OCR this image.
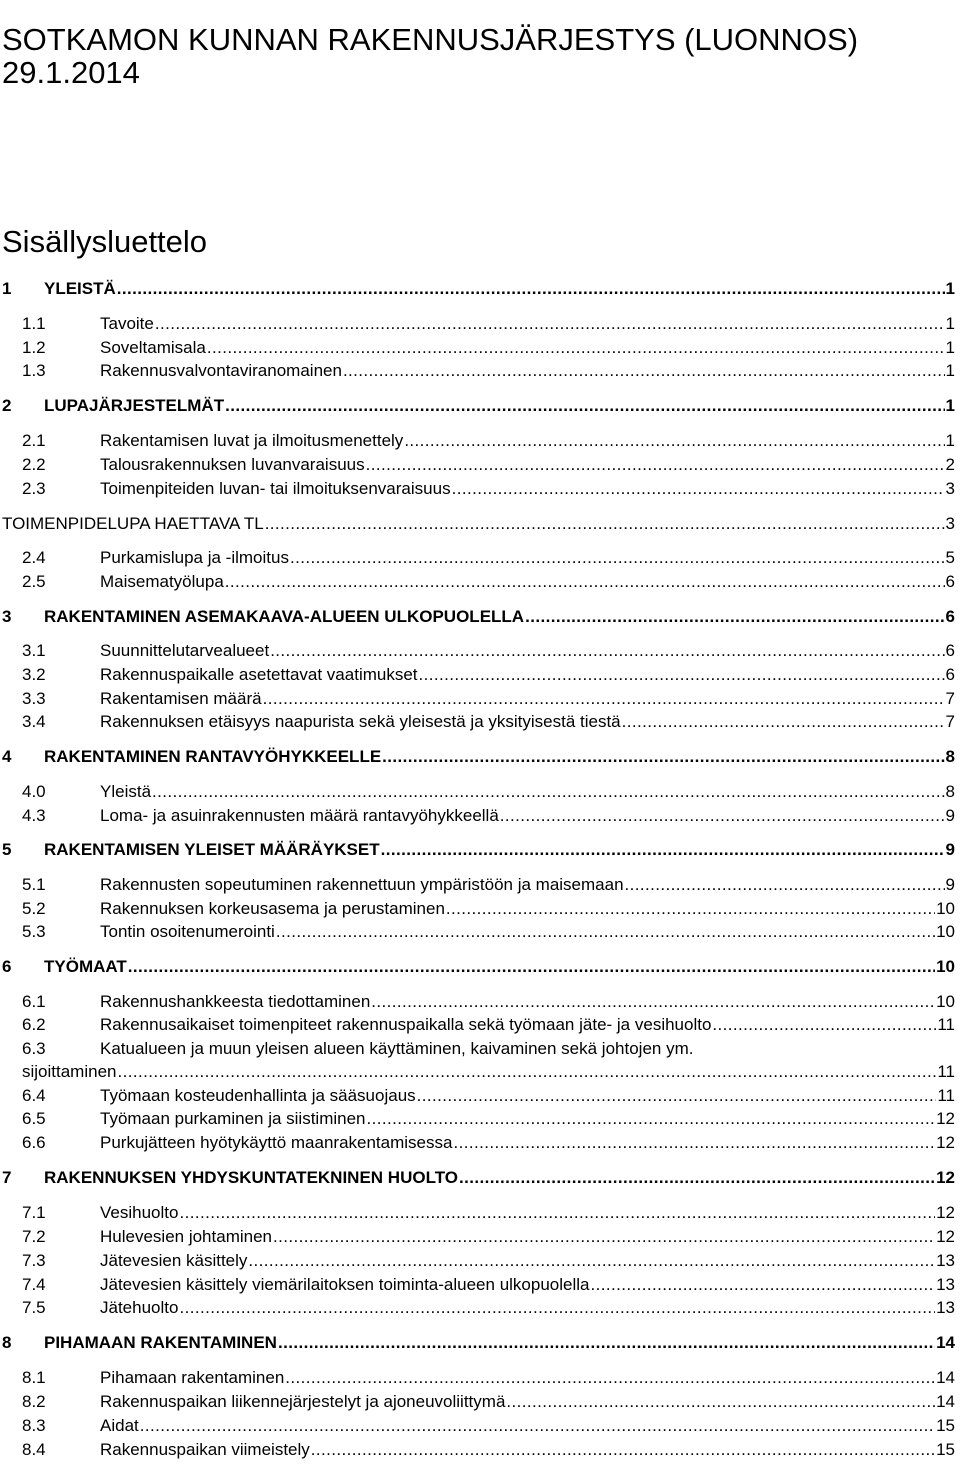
SOTKAMON KUNNAN RAKENNUSJÄRJESTYS (LUONNOS) 29.1.2014
Sisällysluettelo
1	YLEISTÄ .....	1
1.1	Tavoite .....	1
1.2	Soveltamisala .....	1
1.3	Rakennusvalvontaviranomainen .....	1
2	LUPAJÄRJESTELMÄT .....	1
2.1	Rakentamisen luvat ja ilmoitusmenettely .....	1
2.2	Talousrakennuksen luvanvaraisuus .....	2
2.3	Toimenpiteiden luvan- tai ilmoituksenvaraisuus .....	3
TOIMENPIDELUPA HAETTAVA TL .....	3
2.4	Purkamislupa ja -ilmoitus .....	5
2.5	Maisematyölupa .....	6
3	RAKENTAMINEN ASEMAKAAVA-ALUEEN ULKOPUOLELLA .....	6
3.1	Suunnittelutarvealueet .....	6
3.2	Rakennuspaikalle asetettavat vaatimukset .....	6
3.3	Rakentamisen määrä .....	7
3.4	Rakennuksen etäisyys naapurista sekä yleisestä ja yksityisestä tiestä .....	7
4	RAKENTAMINEN RANTAVYÖHYKKEELLE .....	8
4.0	Yleistä .....	8
4.3	Loma- ja asuinrakennusten määrä rantavyöhykkeellä .....	9
5	RAKENTAMISEN YLEISET MÄÄRÄYKSET .....	9
5.1	Rakennusten sopeutuminen rakennettuun ympäristöön ja maisemaan .....	9
5.2	Rakennuksen korkeusasema ja perustaminen .....	10
5.3	Tontin osoitenumerointi .....	10
6	TYÖMAAT .....	10
6.1	Rakennushankkeesta tiedottaminen .....	10
6.2	Rakennusaikaiset toimenpiteet rakennuspaikalla sekä työmaan jäte- ja vesihuolto .....	11
6.3	Katualueen ja muun yleisen alueen käyttäminen, kaivaminen sekä johtojen ym.
sijoittaminen .....	11
6.4	Työmaan kosteudenhallinta ja sääsuojaus .....	11
6.5	Työmaan purkaminen ja siistiminen .....	12
6.6	Purkujätteen hyötykäyttö maanrakentamisessa .....	12
7	RAKENNUKSEN YHDYSKUNTATEKNINEN HUOLTO .....	12
7.1	Vesihuolto .....	12
7.2	Hulevesien johtaminen .....	12
7.3	Jätevesien käsittely .....	13
7.4	Jätevesien käsittely viemärilaitoksen toiminta-alueen ulkopuolella .....	13
7.5	Jätehuolto .....	13
8	PIHAMAAN RAKENTAMINEN .....	14
8.1	Pihamaan rakentaminen .....	14
8.2	Rakennuspaikan liikennejärjestelyt ja ajoneuvoliittymä .....	14
8.3	Aidat .....	15
8.4	Rakennuspaikan viimeistely .....	15
